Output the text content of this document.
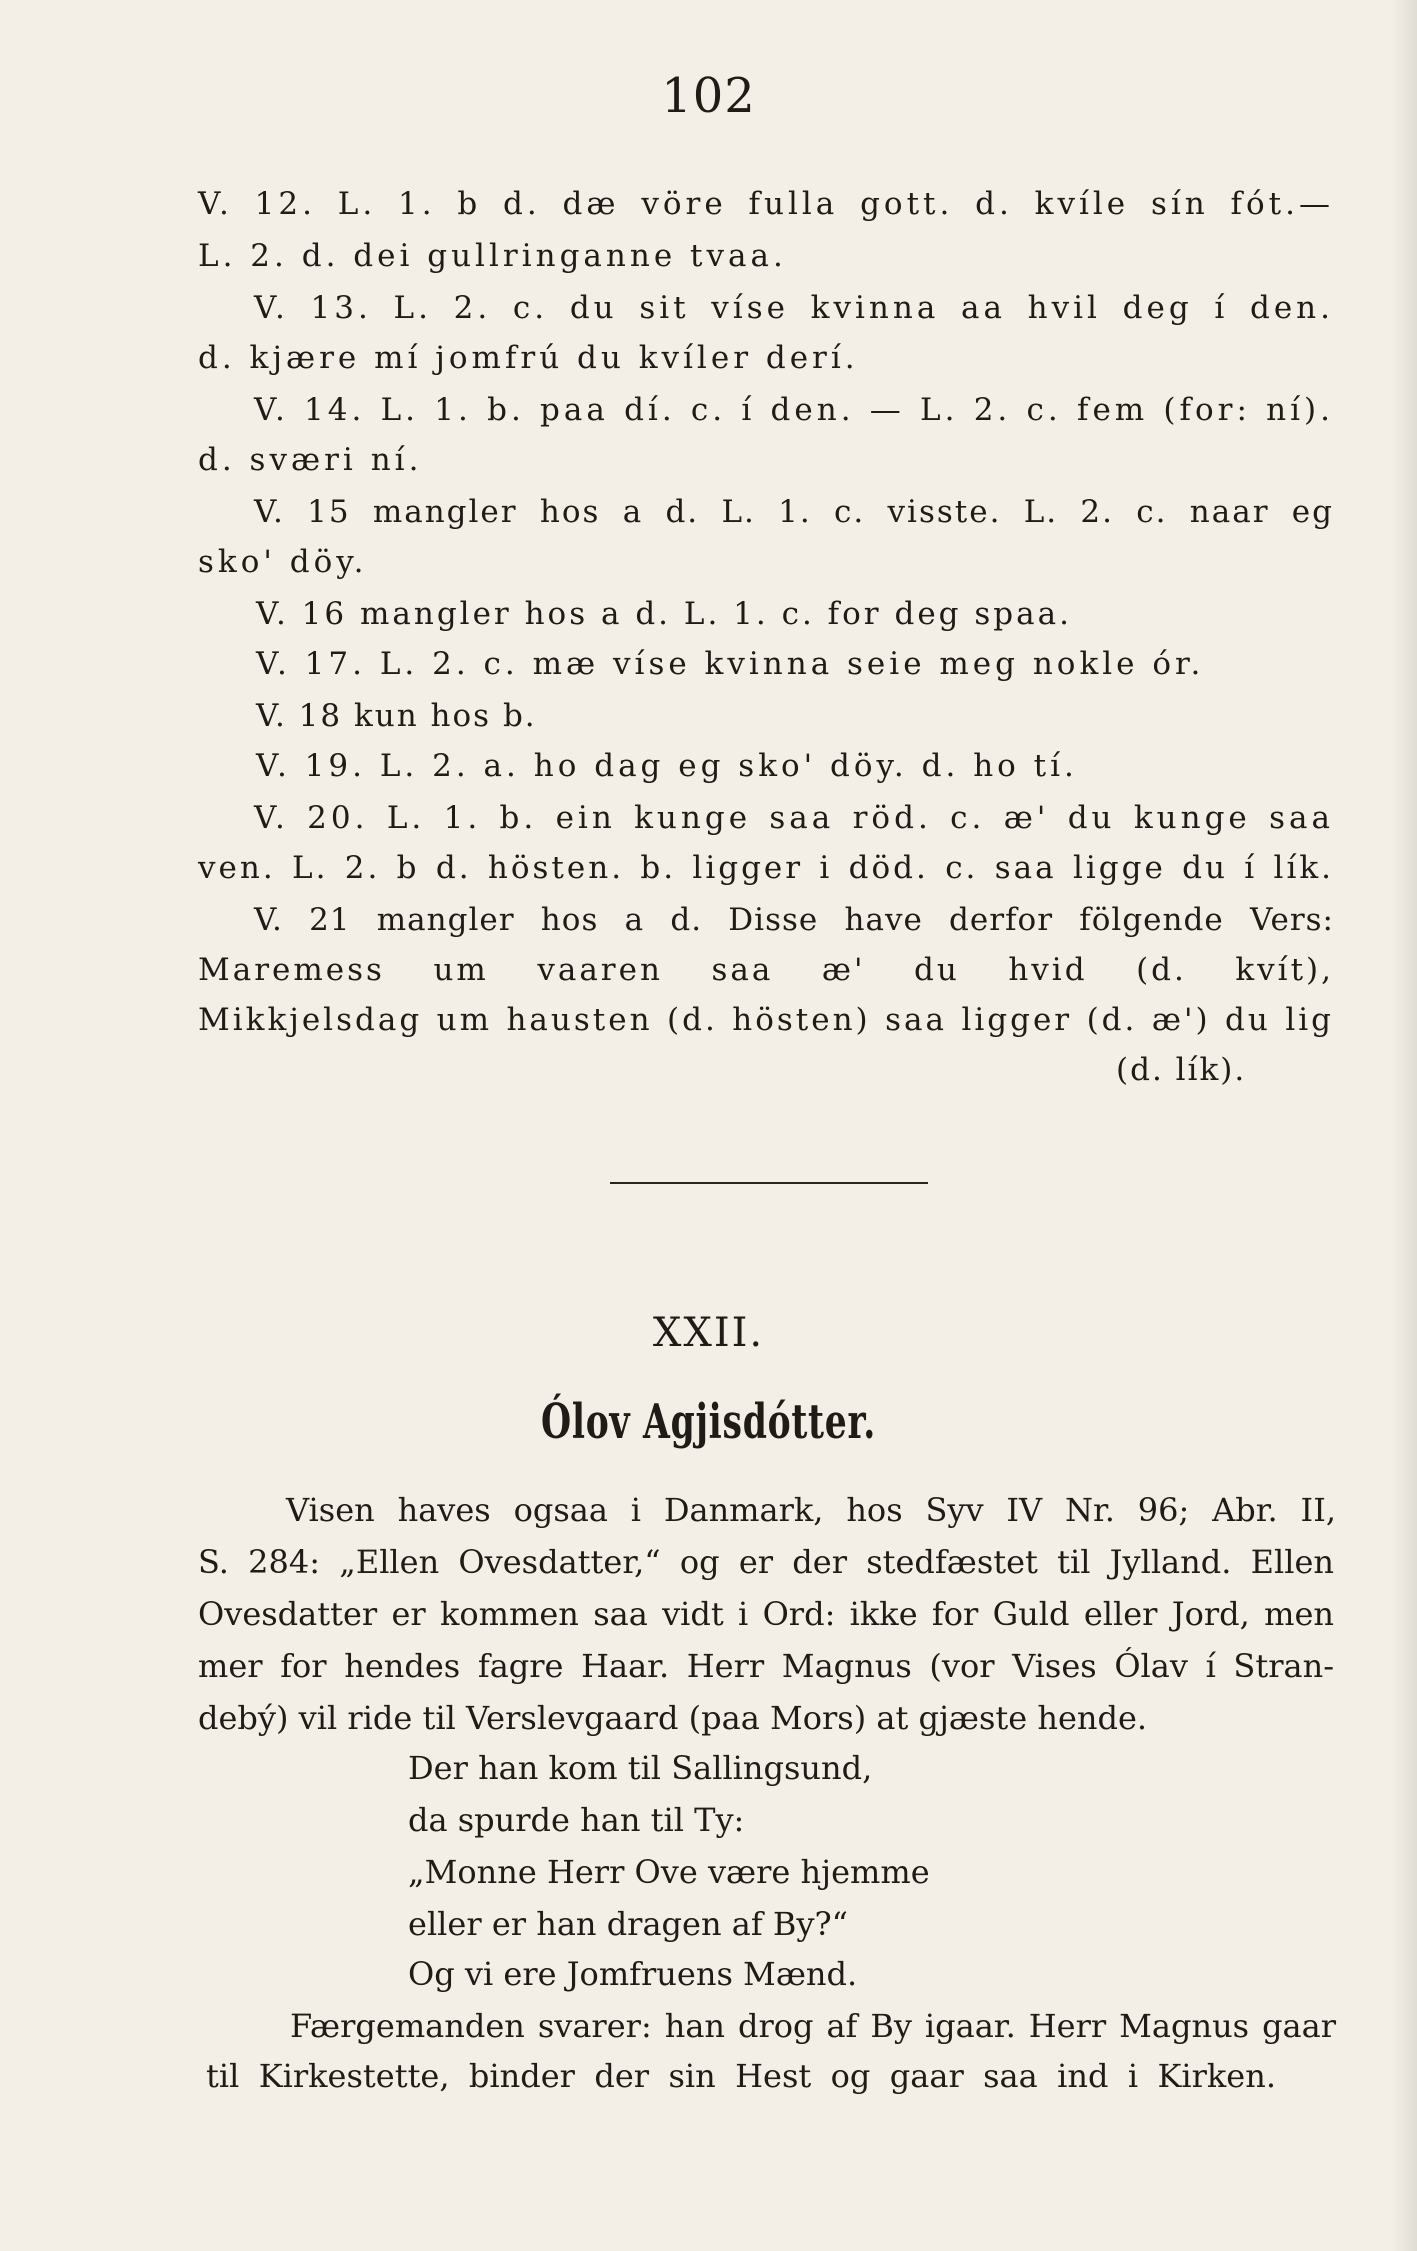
102
V. 12. L. 1. b d. dæ vöre fulla gott. d. kvíle sín fót.—
L. 2. d. dei gullringanne tvaa.
V. 13. L. 2. c. du sit víse kvinna aa hvil deg í den.
d. kjære mí jomfrú du kvíler derí.
V. 14. L. 1. b. paa dí. c. í den. — L. 2. c. fem (for: ní).
d. sværi ní.
V. 15 mangler hos a d. L. 1. c. visste. L. 2. c. naar eg
sko' döy.
V. 16 mangler hos a d. L. 1. c. for deg spaa.
V. 17. L. 2. c. mæ víse kvinna seie meg nokle ór.
V. 18 kun hos b.
V. 19. L. 2. a. ho dag eg sko' döy. d. ho tí.
V. 20. L. 1. b. ein kunge saa röd. c. æ' du kunge saa
ven. L. 2. b d. hösten. b. ligger i död. c. saa ligge du í lík.
V. 21 mangler hos a d. Disse have derfor fölgende Vers:
Maremess um vaaren saa æ' du hvid (d. kvít),
Mikkjelsdag um hausten (d. hösten) saa ligger (d. æ') du lig
(d. lík).
XXII.
Ólov Agjisdótter.
Visen haves ogsaa i Danmark, hos Syv IV Nr. 96; Abr. II,
S. 284: „Ellen Ovesdatter,“ og er der stedfæstet til Jylland. Ellen
Ovesdatter er kommen saa vidt i Ord: ikke for Guld eller Jord, men
mer for hendes fagre Haar. Herr Magnus (vor Vises Ólav í Stran-
debý) vil ride til Verslevgaard (paa Mors) at gjæste hende.
Der han kom til Sallingsund,
da spurde han til Ty:
„Monne Herr Ove være hjemme
eller er han dragen af By?“
Og vi ere Jomfruens Mænd.
Færgemanden svarer: han drog af By igaar. Herr Magnus gaar
til Kirkestette, binder der sin Hest og gaar saa ind i Kirken.
